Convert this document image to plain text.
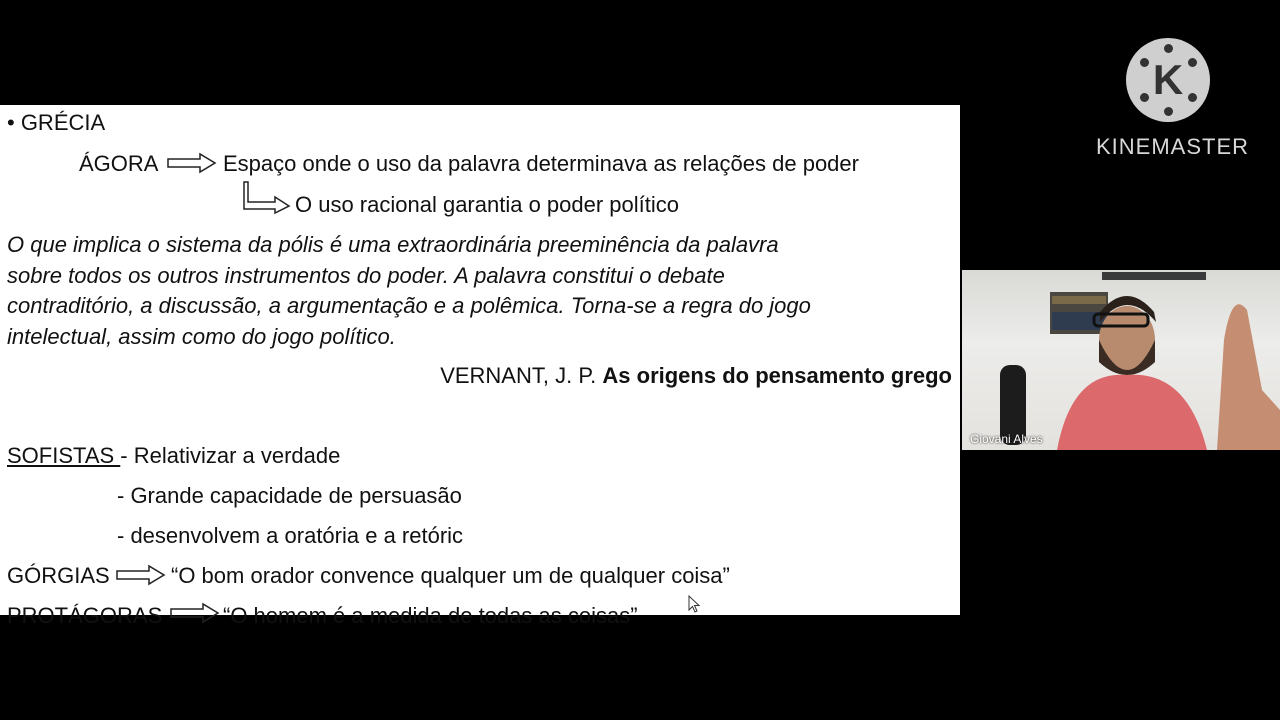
• GRÉCIA
ÁGORA	Espaço onde o uso da palavra determinava as relações de poder
O uso racional garantia o poder político

O que implica o sistema da pólis é uma extraordinária preeminência da palavra

sobre todos os outros instrumentos do poder. A palavra constitui o debate

contraditório, a discussão, a argumentação e a polêmica. Torna-se a regra do jogo

intelectual, assim como do jogo político.

VERNANT, J. P. As origens do pensamento grego
SOFISTAS - Relativizar a verdade
- Grande capacidade de persuasão
- desenvolvem a oratória e a retóric
GÓRGIAS	“O bom orador convence qualquer um de qualquer coisa”
PROTÁGORAS	“O homem é a medida de todas as coisas”
K
KINEMASTER
Giovani Alves
